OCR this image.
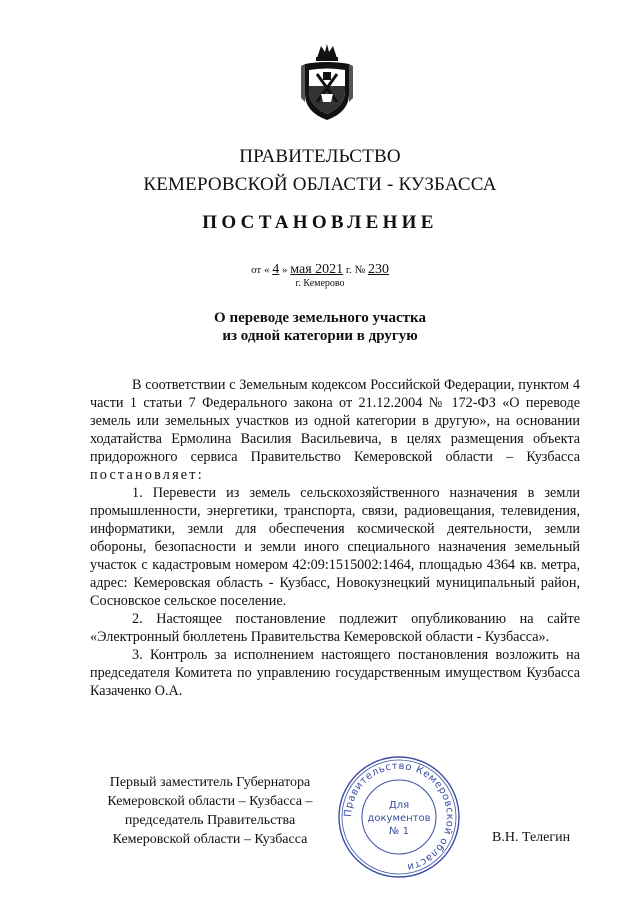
ПРАВИТЕЛЬСТВО
КЕМЕРОВСКОЙ ОБЛАСТИ - КУЗБАССА
ПОСТАНОВЛЕНИЕ
от « 4 » мая 2021 г. № 230
г. Кемерово
О переводе земельного участка
из одной категории в другую

В соответствии с Земельным кодексом Российской Федерации, пунктом 4 части 1 статьи 7 Федерального закона от 21.12.2004 № 172-ФЗ «О переводе земель или земельных участков из одной категории в другую», на основании ходатайства Ермолина Василия Васильевича, в целях размещения объекта придорожного сервиса Правительство Кемеровской области – Кузбасса постановляет:

1. Перевести из земель сельскохозяйственного назначения в земли промышленности, энергетики, транспорта, связи, радиовещания, телевидения, информатики, земли для обеспечения космической деятельности, земли обороны, безопасности и земли иного специального назначения земельный участок с кадастровым номером 42:09:1515002:1464, площадью 4364 кв. метра, адрес: Кемеровская область - Кузбасс, Новокузнецкий муниципальный район, Сосновское сельское поселение.

2. Настоящее постановление подлежит опубликованию на сайте «Электронный бюллетень Правительства Кемеровской области - Кузбасса».

3. Контроль за исполнением настоящего постановления возложить на председателя Комитета по управлению государственным имуществом Кузбасса Казаченко О.А.

Первый заместитель Губернатора
Кемеровской области – Кузбасса –
председатель Правительства
Кемеровской области – Кузбасса	В.Н. Телегин
Правительство Кемеровской области
Для
документов
№ 1
